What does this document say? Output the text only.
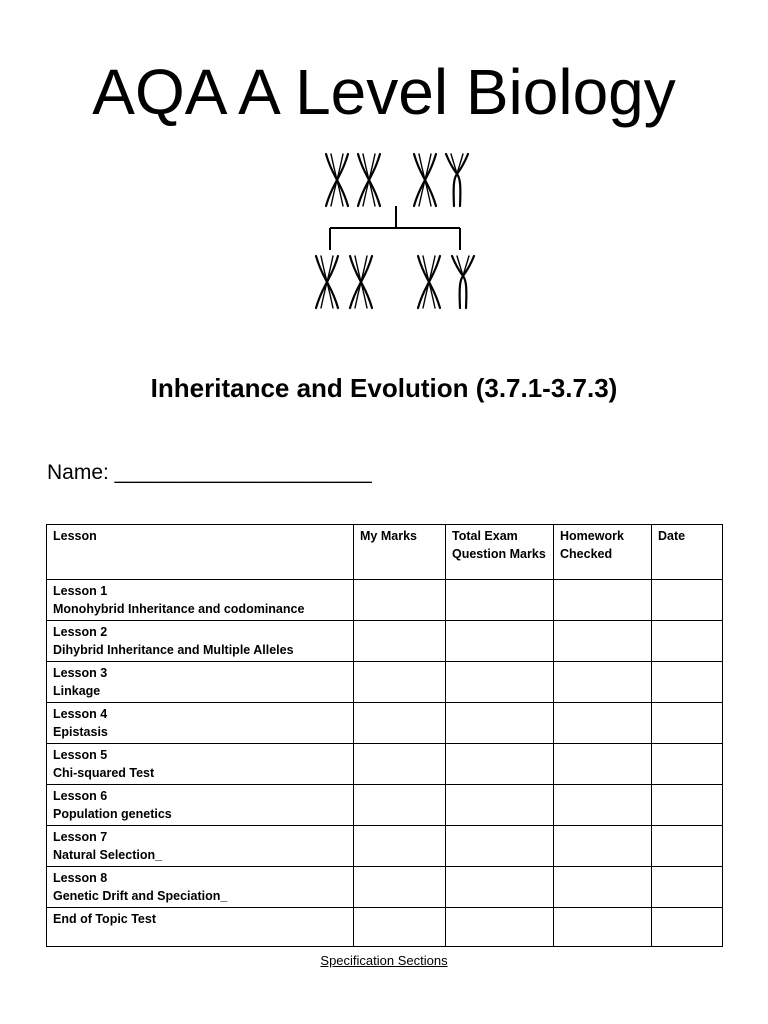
AQA A Level Biology
Inheritance and Evolution (3.7.1-3.7.3)
Name: ______________________
Lesson	My Marks	Total Exam Question Marks	Homework Checked	Date

Lesson 1
Monohybrid Inheritance and codominance				

Lesson 2
Dihybrid Inheritance and Multiple Alleles				

Lesson 3
Linkage				

Lesson 4
Epistasis				

Lesson 5
Chi-squared Test				

Lesson 6
Population genetics				

Lesson 7
Natural Selection_				

Lesson 8
Genetic Drift and Speciation_				

End of Topic Test				

Specification Sections
